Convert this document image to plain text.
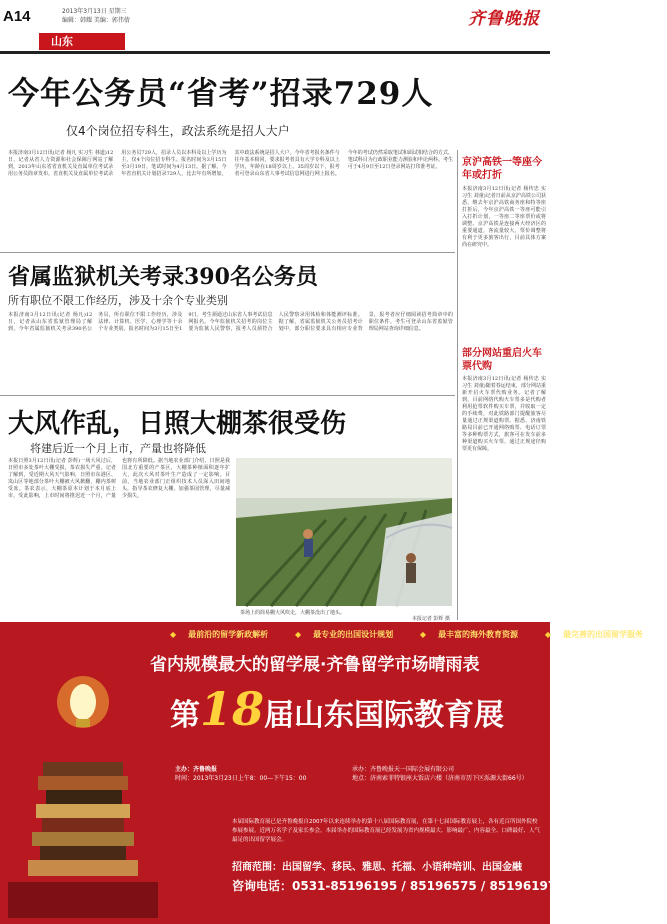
A14	2013年3月13日 星期三
编辑：韩耀 美编：郭伟倩	齐鲁晚报
山东
今年公务员“省考”招录729人
仅4个岗位招专科生，政法系统是招人大户
本报济南3月12日讯(记者 杨凡 实习生 林道)12日，记者从省人力资源和社会保障厅网站了解到，2013年山东省省直机关及直属单位考试录用公务员简章发布，省直机关及直属单位考试录用公务员729人，招录人员以本科及以上学历为主，仅4个岗位招专科生。报名时间为3月15日至3月19日，笔试时间为4月13日。据了解，今年省直机关计划招录729人，比去年有所增加，其中政法系统是招人大户。今年省考报名条件与往年基本相同，要求报考者具有大学专科及以上学历，年龄在18周岁以上、35周岁以下，报考者可登录山东省人事考试信息网进行网上报名。今年的考试仍然采取笔试和面试相结合的方式，笔试科目为行政职业能力测验和申论两科。考生可于4月9日至12日登录网站打印准考证。	京沪高铁一等座今年或打折
本报济南3月12日讯(记者 杨传忠 实习生 刘童)记者日前从京沪高铁公司获悉，继去年京沪高铁商务座和特等座打折后，今年京沪高铁一等座可能引入打折计划，一等座二等座票价或将调整。京沪高铁是连接两大经济区的重要通道，客流量较大，票价调整将有利于更多旅客出行，目前具体方案尚在研究中。
部分网站重启火车票代购
本报济南3月12日讯(记者 杨传忠 实习生 刘童)随着春运结束，部分网站重新开启火车票代购业务。记者了解到，目前网络代购火车票多是代购者利用抢票软件购买车票，并收取一定的手续费，对此铁路部门提醒旅客尽量通过正规渠道购票。据悉，济南铁路局目前已开通网络购票、电话订票等多种购票方式，旅客可在发车前多种渠道购买火车票，通过正规途径购票更有保障。
省属监狱机关考录390名公务员
所有职位不限工作经历，涉及十余个专业类别
本报济南3月12日讯(记者 杨凡)12日，记者从山东省监狱管理局了解到，今年省属监狱机关考录390名公务员，所有职位不限工作经历，涉及法律、计算机、医学、心理学等十余个专业类别。报名时间为3月15日至19日。考生须通过山东省人事考试信息网报名。今年监狱机关招考的岗位主要为监狱人民警察，报考人员须符合人民警察录用体检和体能测评标准。据了解，省属监狱机关公务员招考计划中，部分职位要求具有相应专业背景，报考者应仔细阅读招考简章中的职位条件。考生可登录山东省监狱管理局网站查询详细信息。
大风作乱，日照大棚茶很受伤
将建后近一个月上市，产量也将降低
本报日照3月12日讯(记者 彭辉)一场大风过后，日照市多处茶叶大棚受损，茶农损失严重。记者了解到，受近期大风天气影响，日照市东港区、岚山区等地部分茶叶大棚被大风掀翻，棚内茶树受冻。茶农表示，大棚茶原本计划于本月底上市，受此影响，上市时间将推迟近一个月，产量也将有所降低。据当地农业部门介绍，日照是我国北方重要的产茶区，大棚茶种植面积逐年扩大，此次大风对茶叶生产造成了一定影响。目前，当地农业部门正组织技术人员深入田间地头，指导茶农修复大棚，加强茶园管理，尽量减少损失。
茶场上的简易棚大风吹走，大棚茶没出了地头。
本报记者 彭辉 摄
◆ 最前沿的留学新政解析	◆ 最专业的出国设计规划	◆ 最丰富的海外教育资源	◆ 最完善的出国留学服务
省内规模最大的留学展·齐鲁留学市场晴雨表
第18届山东国际教育展
主办：齐鲁晚报
时间：2013年3月23日上午8：00—下午15：00
承办：齐鲁晚报天一国际会展有限公司
地点：济南索菲特银座大饭店六楼（济南市历下区泺源大街66号）
本届国际教育展已是齐鲁晚报自2007年以来连续举办的第十八届国际教育展，在第十七届国际教育展上，各有近百所国外院校参展参展。近两万名学子及家长参会。本届举办的国际教育展已经发展为省内规模最大、影响最广、内容最全、口碑最好、人气最足的出国留学展会。
招商范围：出国留学、移民、雅思、托福、小语种培训、出国金融
咨询电话：0531-85196195 / 85196575 / 85196197
